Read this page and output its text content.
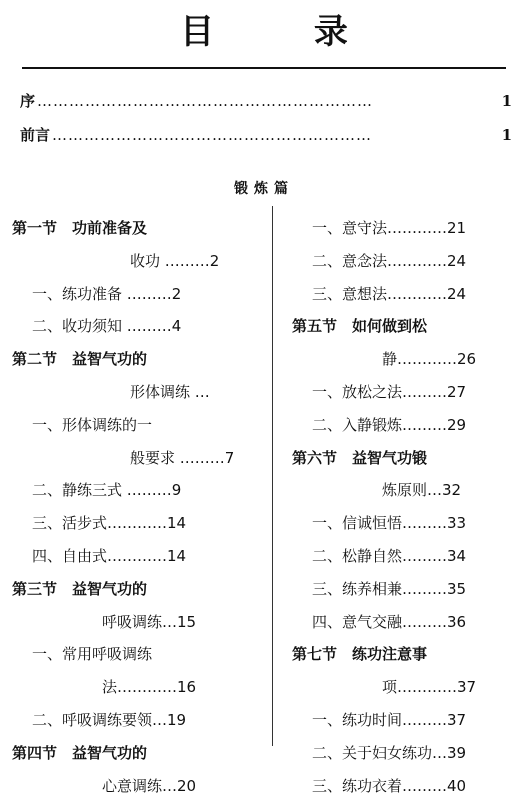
目 录
序 ………………………………………………………	1
前言 ……………………………………………………	1
锻炼篇
第一节　功前准备及
收功 ………2
一、练功准备 ………2
二、收功须知 ………4
第二节　益智气功的
形体调练 …
一、形体调练的一
般要求 ………7
二、静练三式 ………9
三、活步式…………14
四、自由式…………14
第三节　益智气功的
呼吸调练…15
一、常用呼吸调练
法…………16
二、呼吸调练要领…19
第四节　益智气功的
心意调练…20
一、意守法…………21
二、意念法…………24
三、意想法…………24
第五节　如何做到松
静…………26
一、放松之法………27
二、入静锻炼………29
第六节　益智气功锻
炼原则…32
一、信诚恒悟………33
二、松静自然………34
三、练养相兼………35
四、意气交融………36
第七节　练功注意事
项…………37
一、练功时间………37
二、关于妇女练功…39
三、练功衣着………40
